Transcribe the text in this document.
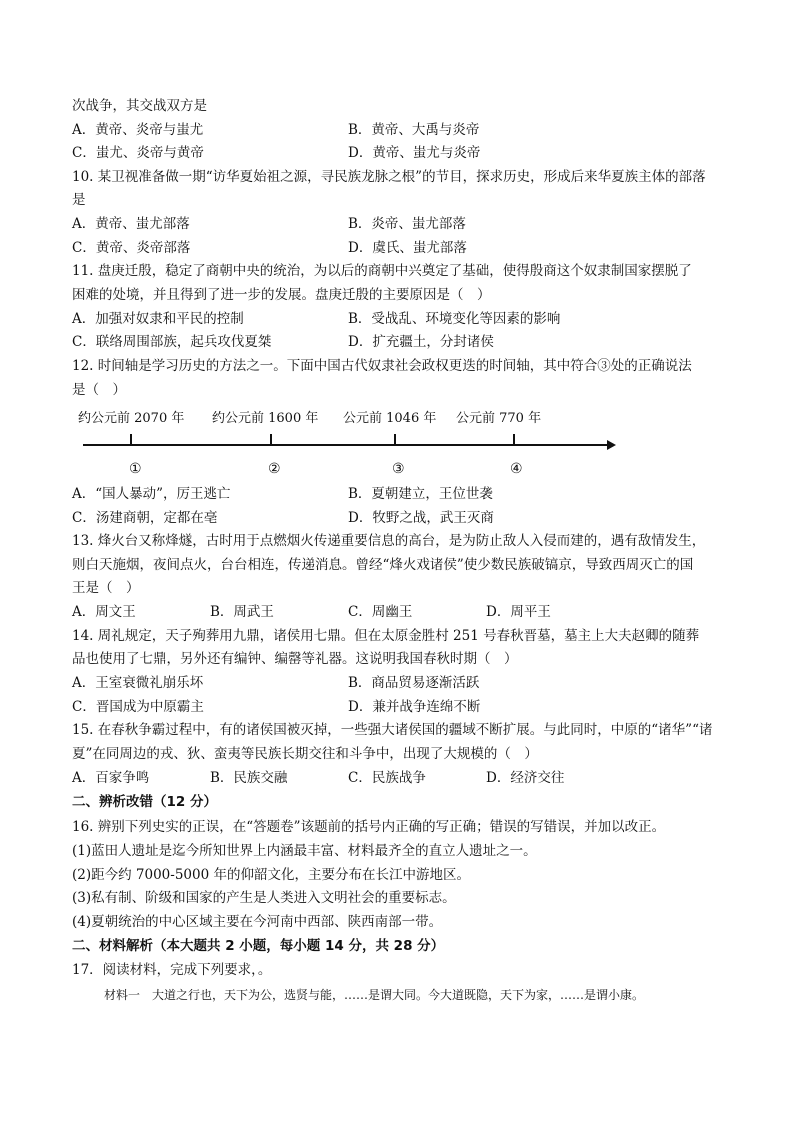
次战争，其交战双方是
A．黄帝、炎帝与蚩尤	B．黄帝、大禹与炎帝
C．蚩尤、炎帝与黄帝	D．黄帝、蚩尤与炎帝
10. 某卫视准备做一期“访华夏始祖之源，寻民族龙脉之根”的节目，探求历史，形成后来华夏族主体的部落
是
A．黄帝、蚩尤部落	B．炎帝、蚩尤部落
C．黄帝、炎帝部落	D．虞氏、蚩尤部落
11. 盘庚迁殷，稳定了商朝中央的统治，为以后的商朝中兴奠定了基础，使得殷商这个奴隶制国家摆脱了
困难的处境，并且得到了进一步的发展。盘庚迁殷的主要原因是（　）
A．加强对奴隶和平民的控制	B．受战乱、环境变化等因素的影响
C．联络周围部族，起兵攻伐夏桀	D．扩充疆土，分封诸侯
12. 时间轴是学习历史的方法之一。下面中国古代奴隶社会政权更迭的时间轴，其中符合③处的正确说法
是（　）
约公元前 2070 年 约公元前 1600 年 公元前 1046 年 公元前 770 年
①	②	③	④
A．“国人暴动”，厉王逃亡	B．夏朝建立，王位世袭
C．汤建商朝，定都在亳	D．牧野之战，武王灭商
13. 烽火台又称烽燧，古时用于点燃烟火传递重要信息的高台，是为防止敌人入侵而建的，遇有敌情发生，
则白天施烟，夜间点火，台台相连，传递消息。曾经“烽火戏诸侯”使少数民族破镐京，导致西周灭亡的国
王是（　）
A．周文王	B．周武王	C．周幽王	D．周平王
14. 周礼规定，天子殉葬用九鼎，诸侯用七鼎。但在太原金胜村 251 号春秋晋墓，墓主上大夫赵卿的随葬
品也使用了七鼎，另外还有编钟、编罄等礼器。这说明我国春秋时期（　）
A．王室衰微礼崩乐坏	B．商品贸易逐渐活跃
C．晋国成为中原霸主	D．兼并战争连绵不断
15. 在春秋争霸过程中，有的诸侯国被灭掉，一些强大诸侯国的疆域不断扩展。与此同时，中原的“诸华”“诸
夏”在同周边的戎、狄、蛮夷等民族长期交往和斗争中，出现了大规模的（　）
A．百家争鸣	B．民族交融	C．民族战争	D．经济交往
二、辨析改错（12 分）
16. 辨别下列史实的正误，在“答题卷”该题前的括号内正确的写正确；错误的写错误，并加以改正。
(1)蓝田人遗址是迄今所知世界上内涵最丰富、材料最齐全的直立人遗址之一。
(2)距今约 7000-5000 年的仰韶文化，主要分布在长江中游地区。
(3)私有制、阶级和国家的产生是人类进入文明社会的重要标志。
(4)夏朝统治的中心区域主要在今河南中西部、陕西南部一带。
二、材料解析（本大题共 2 小题，每小题 14 分，共 28 分）
17．阅读材料，完成下列要求，。
材料一　大道之行也，天下为公，选贤与能，……是谓大同。今大道既隐，天下为家，……是谓小康。
